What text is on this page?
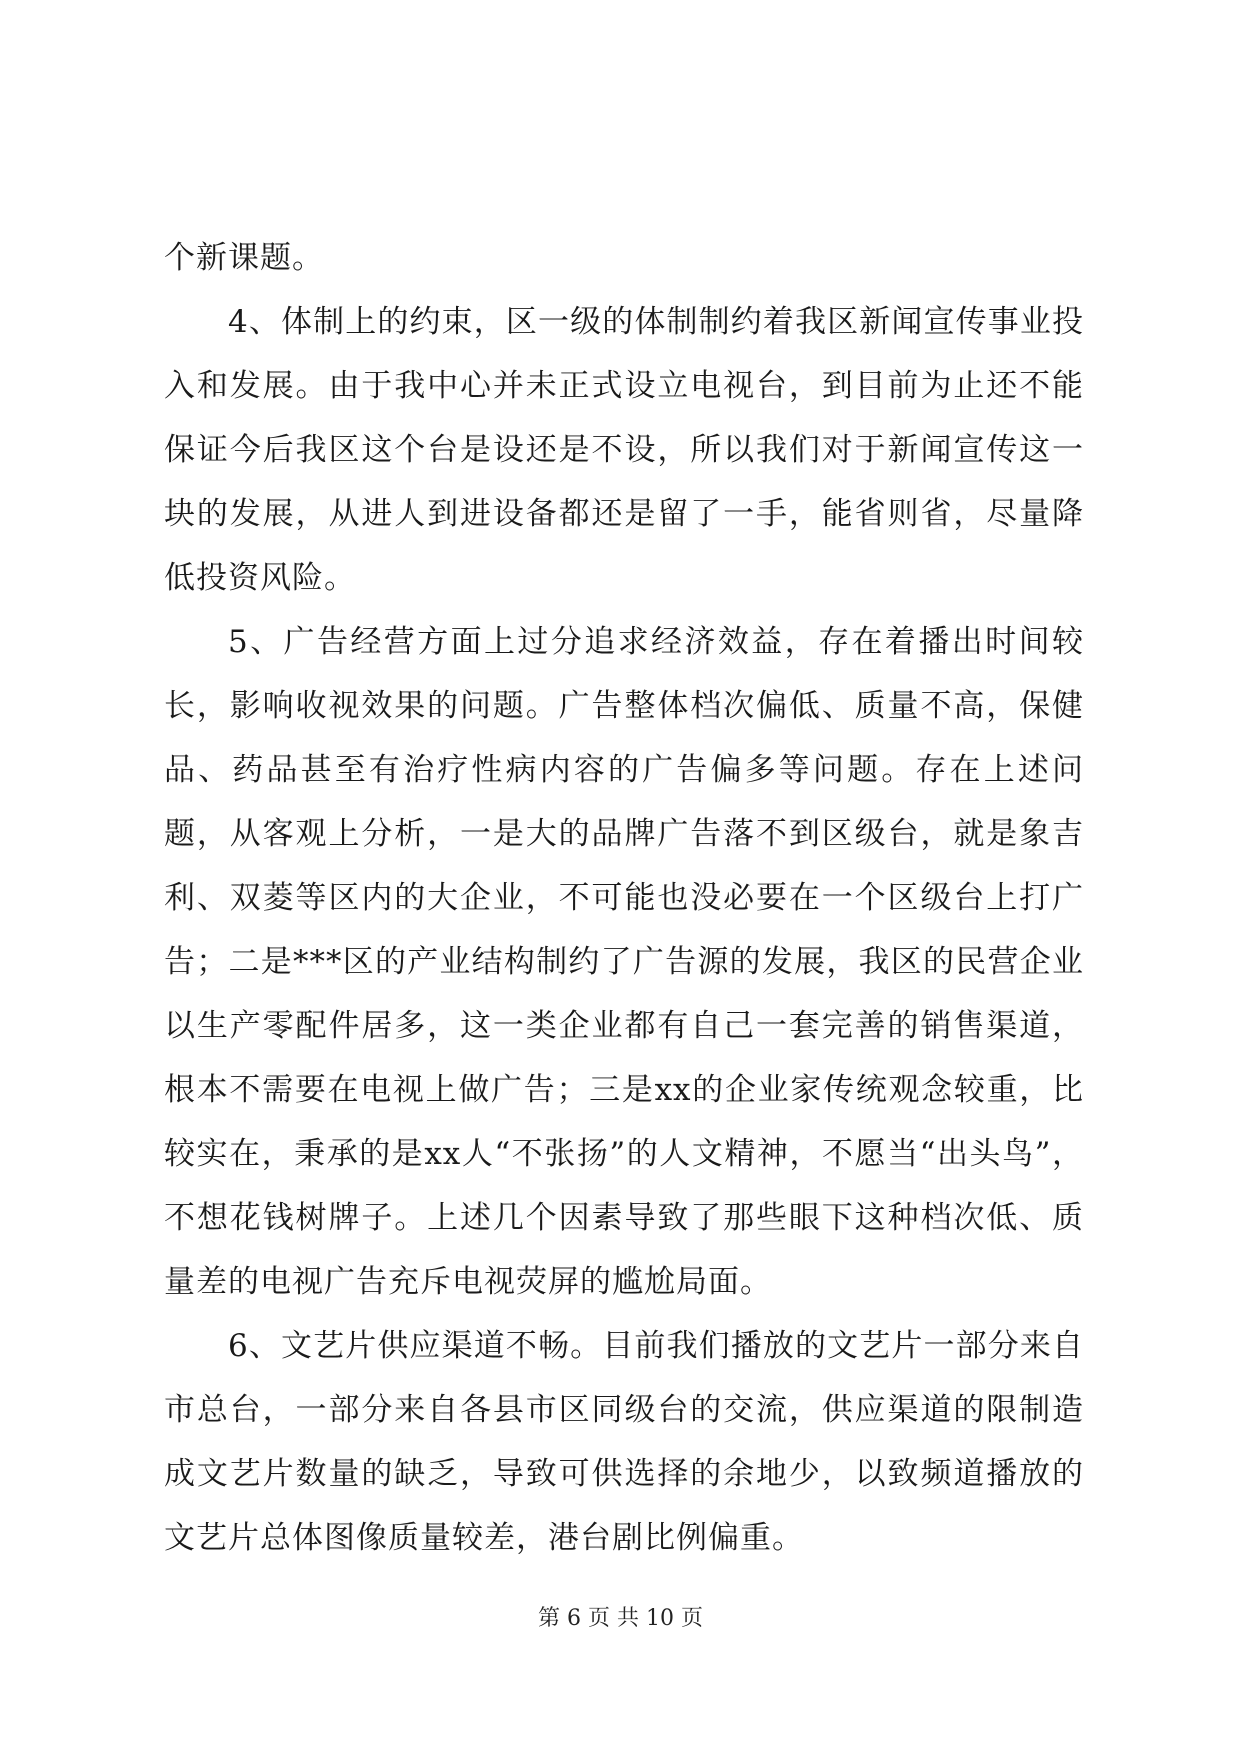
个新课题。

4、体制上的约束，区一级的体制制约着我区新闻宣传事业投入和发展。由于我中心并未正式设立电视台，到目前为止还不能保证今后我区这个台是设还是不设，所以我们对于新闻宣传这一块的发展，从进人到进设备都还是留了一手，能省则省，尽量降低投资风险。

5、广告经营方面上过分追求经济效益，存在着播出时间较长，影响收视效果的问题。广告整体档次偏低、质量不高，保健品、药品甚至有治疗性病内容的广告偏多等问题。存在上述问题，从客观上分析，一是大的品牌广告落不到区级台，就是象吉利、双菱等区内的大企业，不可能也没必要在一个区级台上打广告；二是***区的产业结构制约了广告源的发展，我区的民营企业以生产零配件居多，这一类企业都有自己一套完善的销售渠道，根本不需要在电视上做广告；三是xx的企业家传统观念较重，比较实在，秉承的是xx人“不张扬”的人文精神，不愿当“出头鸟”，不想花钱树牌子。上述几个因素导致了那些眼下这种档次低、质量差的电视广告充斥电视荧屏的尴尬局面。

6、文艺片供应渠道不畅。目前我们播放的文艺片一部分来自市总台，一部分来自各县市区同级台的交流，供应渠道的限制造成文艺片数量的缺乏，导致可供选择的余地少，以致频道播放的文艺片总体图像质量较差，港台剧比例偏重。

第 6 页 共 10 页
